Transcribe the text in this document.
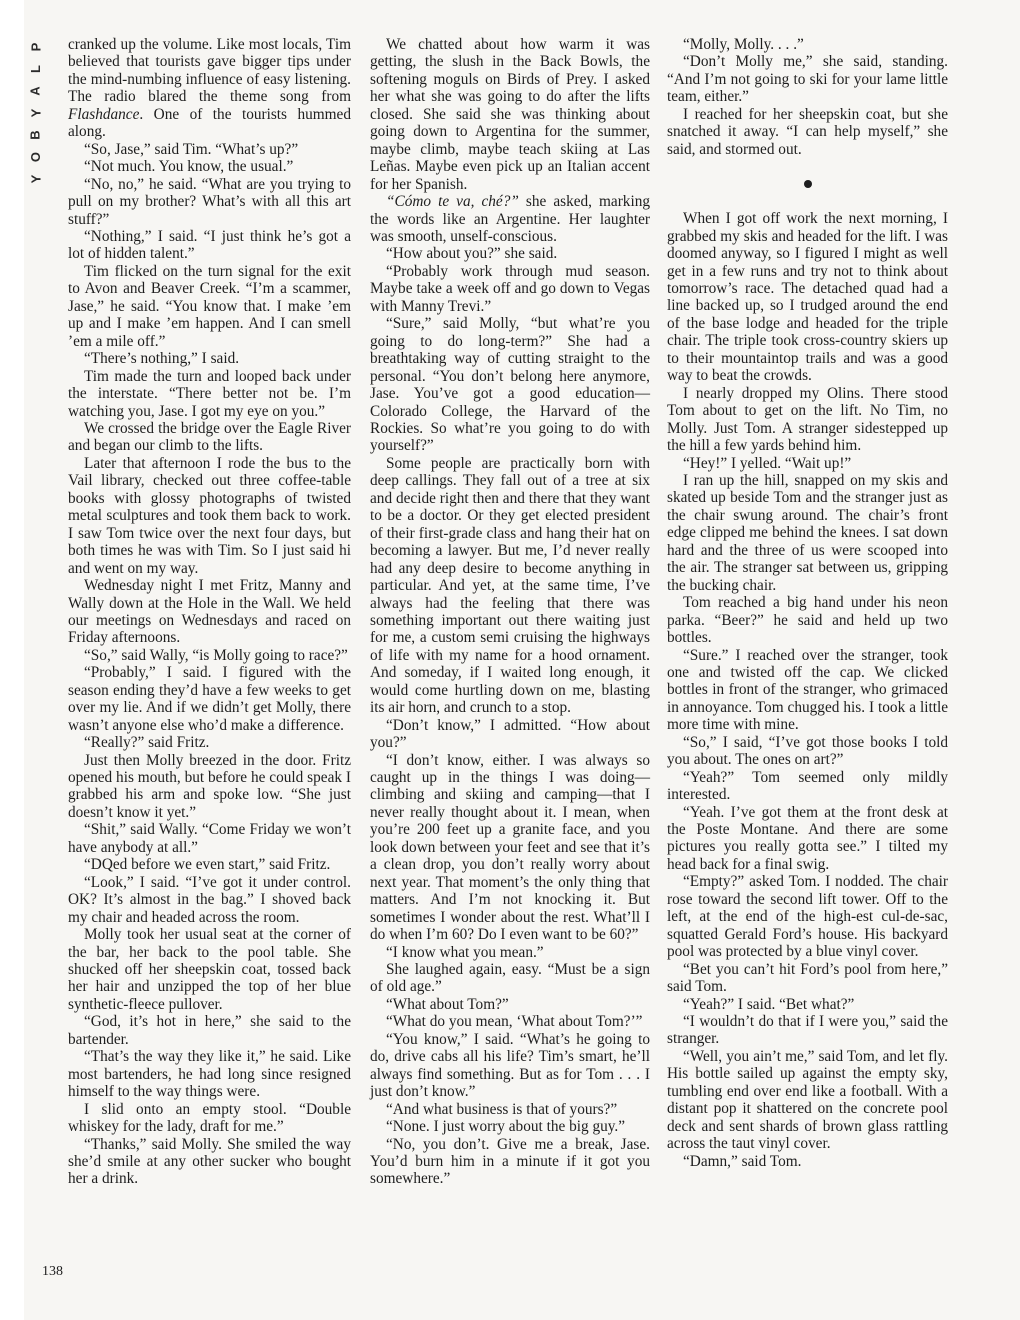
P
L
A
Y
B
O
Y

cranked up the volume. Like most locals, Tim believed that tourists gave bigger tips under the mind-numbing influence of easy listening. The radio blared the theme song from Flashdance. One of the tourists hummed along.

“So, Jase,” said Tim. “What’s up?”

“Not much. You know, the usual.”

“No, no,” he said. “What are you trying to pull on my brother? What’s with all this art stuff?”

“Nothing,” I said. “I just think he’s got a lot of hidden talent.”

Tim flicked on the turn signal for the exit to Avon and Beaver Creek. “I’m a scammer, Jase,” he said. “You know that. I make ’em up and I make ’em happen. And I can smell ’em a mile off.”

“There’s nothing,” I said.

Tim made the turn and looped back under the interstate. “There better not be. I’m watching you, Jase. I got my eye on you.”

We crossed the bridge over the Eagle River and began our climb to the lifts.

Later that afternoon I rode the bus to the Vail library, checked out three coffee-table books with glossy photographs of twisted metal sculptures and took them back to work. I saw Tom twice over the next four days, but both times he was with Tim. So I just said hi and went on my way.

Wednesday night I met Fritz, Manny and Wally down at the Hole in the Wall. We held our meetings on Wednesdays and raced on Friday afternoons.

“So,” said Wally, “is Molly going to race?”

“Probably,” I said. I figured with the season ending they’d have a few weeks to get over my lie. And if we didn’t get Molly, there wasn’t anyone else who’d make a difference.

“Really?” said Fritz.

Just then Molly breezed in the door. Fritz opened his mouth, but before he could speak I grabbed his arm and spoke low. “She just doesn’t know it yet.”

“Shit,” said Wally. “Come Friday we won’t have anybody at all.”

“DQed before we even start,” said Fritz.

“Look,” I said. “I’ve got it under control. OK? It’s almost in the bag.” I shoved back my chair and headed across the room.

Molly took her usual seat at the corner of the bar, her back to the pool table. She shucked off her sheepskin coat, tossed back her hair and unzipped the top of her blue synthetic-fleece pullover.

“God, it’s hot in here,” she said to the bartender.

“That’s the way they like it,” he said. Like most bartenders, he had long since resigned himself to the way things were.

I slid onto an empty stool. “Double whiskey for the lady, draft for me.”

“Thanks,” said Molly. She smiled the way she’d smile at any other sucker who bought her a drink.

We chatted about how warm it was getting, the slush in the Back Bowls, the softening moguls on Birds of Prey. I asked her what she was going to do after the lifts closed. She said she was thinking about going down to Argentina for the summer, maybe climb, maybe teach skiing at Las Leñas. Maybe even pick up an Italian accent for her Spanish.

“Cómo te va, ché?” she asked, marking the words like an Argentine. Her laughter was smooth, unself-conscious.

“How about you?” she said.

“Probably work through mud season. Maybe take a week off and go down to Vegas with Manny Trevi.”

“Sure,” said Molly, “but what’re you going to do long-term?” She had a breathtaking way of cutting straight to the personal. “You don’t belong here anymore, Jase. You’ve got a good education—Colorado College, the Harvard of the Rockies. So what’re you going to do with yourself?”

Some people are practically born with deep callings. They fall out of a tree at six and decide right then and there that they want to be a doctor. Or they get elected president of their first-grade class and hang their hat on becoming a lawyer. But me, I’d never really had any deep desire to become anything in particular. And yet, at the same time, I’ve always had the feeling that there was something important out there waiting just for me, a custom semi cruising the highways of life with my name for a hood ornament. And someday, if I waited long enough, it would come hurtling down on me, blasting its air horn, and crunch to a stop.

“Don’t know,” I admitted. “How about you?”

“I don’t know, either. I was always so caught up in the things I was doing—climbing and skiing and camping—that I never really thought about it. I mean, when you’re 200 feet up a granite face, and you look down between your feet and see that it’s a clean drop, you don’t really worry about next year. That moment’s the only thing that matters. And I’m not knocking it. But sometimes I wonder about the rest. What’ll I do when I’m 60? Do I even want to be 60?”

“I know what you mean.”

She laughed again, easy. “Must be a sign of old age.”

“What about Tom?”

“What do you mean, ‘What about Tom?’”

“You know,” I said. “What’s he going to do, drive cabs all his life? Tim’s smart, he’ll always find something. But as for Tom . . . I just don’t know.”

“And what business is that of yours?”

“None. I just worry about the big guy.”

“No, you don’t. Give me a break, Jase. You’d burn him in a minute if it got you somewhere.”

“Molly, Molly. . . .”

“Don’t Molly me,” she said, standing. “And I’m not going to ski for your lame little team, either.”

I reached for her sheepskin coat, but she snatched it away. “I can help myself,” she said, and stormed out.

When I got off work the next morning, I grabbed my skis and headed for the lift. I was doomed anyway, so I figured I might as well get in a few runs and try not to think about tomorrow’s race. The detached quad had a line backed up, so I trudged around the end of the base lodge and headed for the triple chair. The triple took cross-country skiers up to their mountaintop trails and was a good way to beat the crowds.

I nearly dropped my Olins. There stood Tom about to get on the lift. No Tim, no Molly. Just Tom. A stranger sidestepped up the hill a few yards behind him.

“Hey!” I yelled. “Wait up!”

I ran up the hill, snapped on my skis and skated up beside Tom and the stranger just as the chair swung around. The chair’s front edge clipped me behind the knees. I sat down hard and the three of us were scooped into the air. The stranger sat between us, gripping the bucking chair.

Tom reached a big hand under his neon parka. “Beer?” he said and held up two bottles.

“Sure.” I reached over the stranger, took one and twisted off the cap. We clicked bottles in front of the stranger, who grimaced in annoyance. Tom chugged his. I took a little more time with mine.

“So,” I said, “I’ve got those books I told you about. The ones on art?”

“Yeah?” Tom seemed only mildly interested.

“Yeah. I’ve got them at the front desk at the Poste Montane. And there are some pictures you really gotta see.” I tilted my head back for a final swig.

“Empty?” asked Tom. I nodded. The chair rose toward the second lift tower. Off to the left, at the end of the high-est cul-de-sac, squatted Gerald Ford’s house. His backyard pool was protected by a blue vinyl cover.

“Bet you can’t hit Ford’s pool from here,” said Tom.

“Yeah?” I said. “Bet what?”

“I wouldn’t do that if I were you,” said the stranger.

“Well, you ain’t me,” said Tom, and let fly. His bottle sailed up against the empty sky, tumbling end over end like a football. With a distant pop it shattered on the concrete pool deck and sent shards of brown glass rattling across the taut vinyl cover.

“Damn,” said Tom.

138
